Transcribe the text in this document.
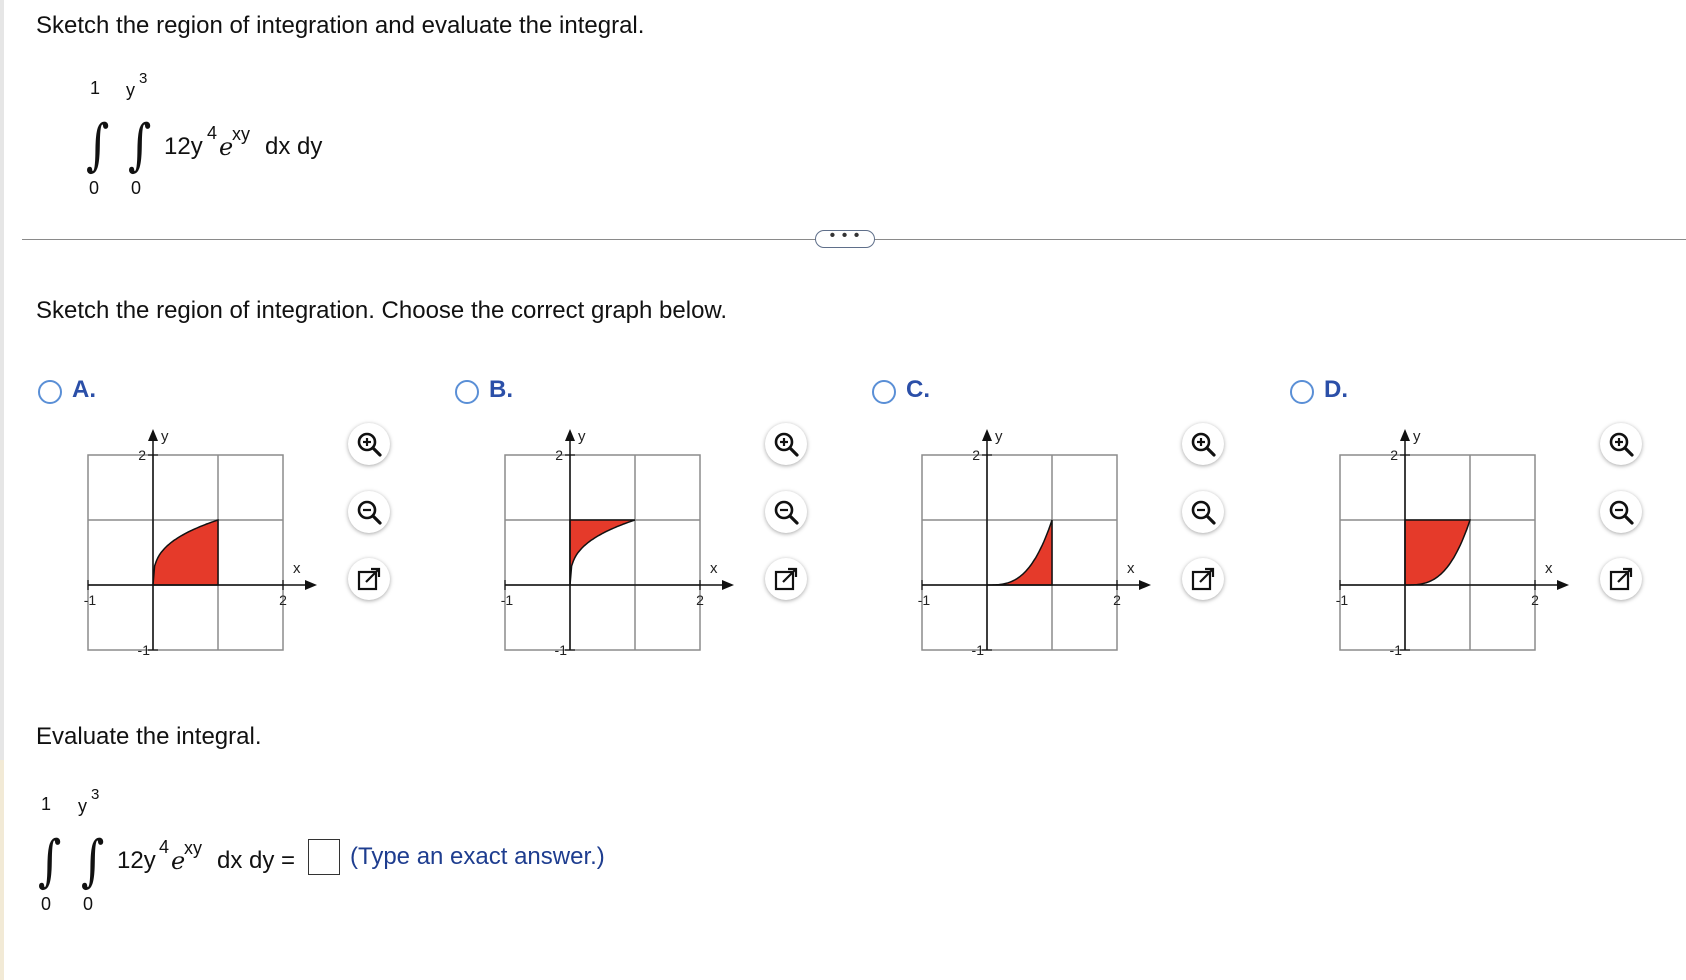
Sketch the region of integration and evaluate the integral.
1 y
3
∫ ∫
0 0
12y 4 e
xy dx dy
• • •
Sketch the region of integration. Choose the correct graph below.
A.
2
-1
-1	2
y
x
B.
2
-1
-1	2
y
x
C.
2
-1
-1	2
y
x
D.
2
-1
-1	2
y
x
Evaluate the integral.
1 y
3
∫ ∫
0 0
12y 4 e
xy dx dy = (Type an exact answer.)
